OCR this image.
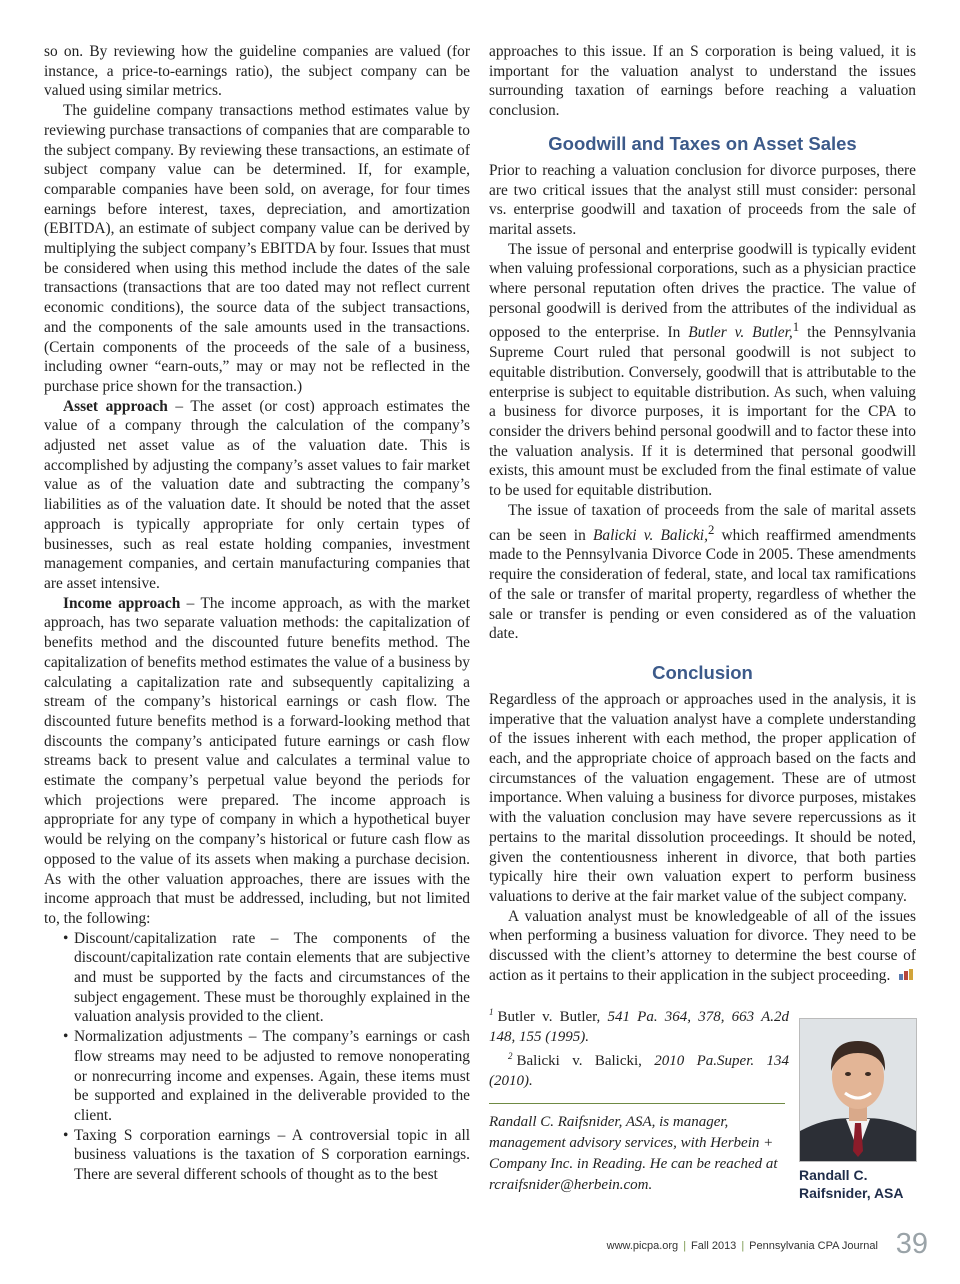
so on. By reviewing how the guideline companies are valued (for instance, a price-to-earnings ratio), the subject company can be valued using similar metrics.

The guideline company transactions method estimates value by reviewing purchase transactions of companies that are comparable to the subject company. By reviewing these transactions, an estimate of subject company value can be determined. If, for example, comparable companies have been sold, on average, for four times earnings before interest, taxes, depreciation, and amortization (EBITDA), an estimate of subject company value can be derived by multiplying the subject company’s EBITDA by four. Issues that must be considered when using this method include the dates of the sale transactions (transactions that are too dated may not reflect current economic conditions), the source data of the subject transactions, and the components of the sale amounts used in the transactions. (Certain components of the proceeds of the sale of a business, including owner “earn-outs,” may or may not be reflected in the purchase price shown for the transaction.)

Asset approach – The asset (or cost) approach estimates the value of a company through the calculation of the company’s adjusted net asset value as of the valuation date. This is accomplished by adjusting the company’s asset values to fair market value as of the valuation date and subtracting the company’s liabilities as of the valuation date. It should be noted that the asset approach is typically appropriate for only certain types of businesses, such as real estate holding companies, investment management companies, and certain manufacturing companies that are asset intensive.

Income approach – The income approach, as with the market approach, has two separate valuation methods: the capitalization of benefits method and the discounted future benefits method. The capitalization of benefits method estimates the value of a business by calculating a capitalization rate and subsequently capitalizing a stream of the company’s historical earnings or cash flow. The discounted future benefits method is a forward-looking method that discounts the company’s anticipated future earnings or cash flow streams back to present value and calculates a terminal value to estimate the company’s perpetual value beyond the periods for which projections were prepared. The income approach is appropriate for any type of company in which a hypothetical buyer would be relying on the company’s historical or future cash flow as opposed to the value of its assets when making a purchase decision. As with the other valuation approaches, there are issues with the income approach that must be addressed, including, but not limited to, the following:

• Discount/capitalization rate – The components of the discount/capitalization rate contain elements that are subjective and must be supported by the facts and circumstances of the subject engagement. These must be thoroughly explained in the valuation analysis provided to the client.
• Normalization adjustments – The company’s earnings or cash flow streams may need to be adjusted to remove nonoperating or nonrecurring income and expenses. Again, these items must be supported and explained in the deliverable provided to the client.
• Taxing S corporation earnings – A controversial topic in all business valuations is the taxation of S corporation earnings. There are several different schools of thought as to the best

approaches to this issue. If an S corporation is being valued, it is important for the valuation analyst to understand the issues surrounding taxation of earnings before reaching a valuation conclusion.

Goodwill and Taxes on Asset Sales

Prior to reaching a valuation conclusion for divorce purposes, there are two critical issues that the analyst still must consider: personal vs. enterprise goodwill and taxation of proceeds from the sale of marital assets.

The issue of personal and enterprise goodwill is typically evident when valuing professional corporations, such as a physician practice where personal reputation often drives the practice. The value of personal goodwill is derived from the attributes of the individual as opposed to the enterprise. In Butler v. Butler,$^1$ the Pennsylvania Supreme Court ruled that personal goodwill is not subject to equitable distribution. Conversely, goodwill that is attributable to the enterprise is subject to equitable distribution. As such, when valuing a business for divorce purposes, it is important for the CPA to consider the drivers behind personal goodwill and to factor these into the valuation analysis. If it is determined that personal goodwill exists, this amount must be excluded from the final estimate of value to be used for equitable distribution.

The issue of taxation of proceeds from the sale of marital assets can be seen in Balicki v. Balicki,$^2$ which reaffirmed amendments made to the Pennsylvania Divorce Code in 2005. These amendments require the consideration of federal, state, and local tax ramifications of the sale or transfer of marital property, regardless of whether the sale or transfer is pending or even considered as of the valuation date.

Conclusion

Regardless of the approach or approaches used in the analysis, it is imperative that the valuation analyst have a complete understanding of the issues inherent with each method, the proper application of each, and the appropriate choice of approach based on the facts and circumstances of the valuation engagement. These are of utmost importance. When valuing a business for divorce purposes, mistakes with the valuation conclusion may have severe repercussions as it pertains to the marital dissolution proceedings. It should be noted, given the contentiousness inherent in divorce, that both parties typically hire their own valuation expert to perform business valuations to derive at the fair market value of the subject company.

A valuation analyst must be knowledgeable of all of the issues when performing a business valuation for divorce. They need to be discussed with the client’s attorney to determine the best course of action as it pertains to their application in the subject proceeding.

$^1$ Butler v. Butler, 541 Pa. 364, 378, 663 A.2d 148, 155 (1995).

$^2$ Balicki v. Balicki, 2010 Pa.Super. 134 (2010).

Randall C. Raifsnider, ASA, is manager, management advisory services, with Herbein + Company Inc. in Reading. He can be reached at rcraifsnider@herbein.com.
Randall C.
Raifsnider, ASA
www.picpa.org | Fall 2013 | Pennsylvania CPA Journal 39
